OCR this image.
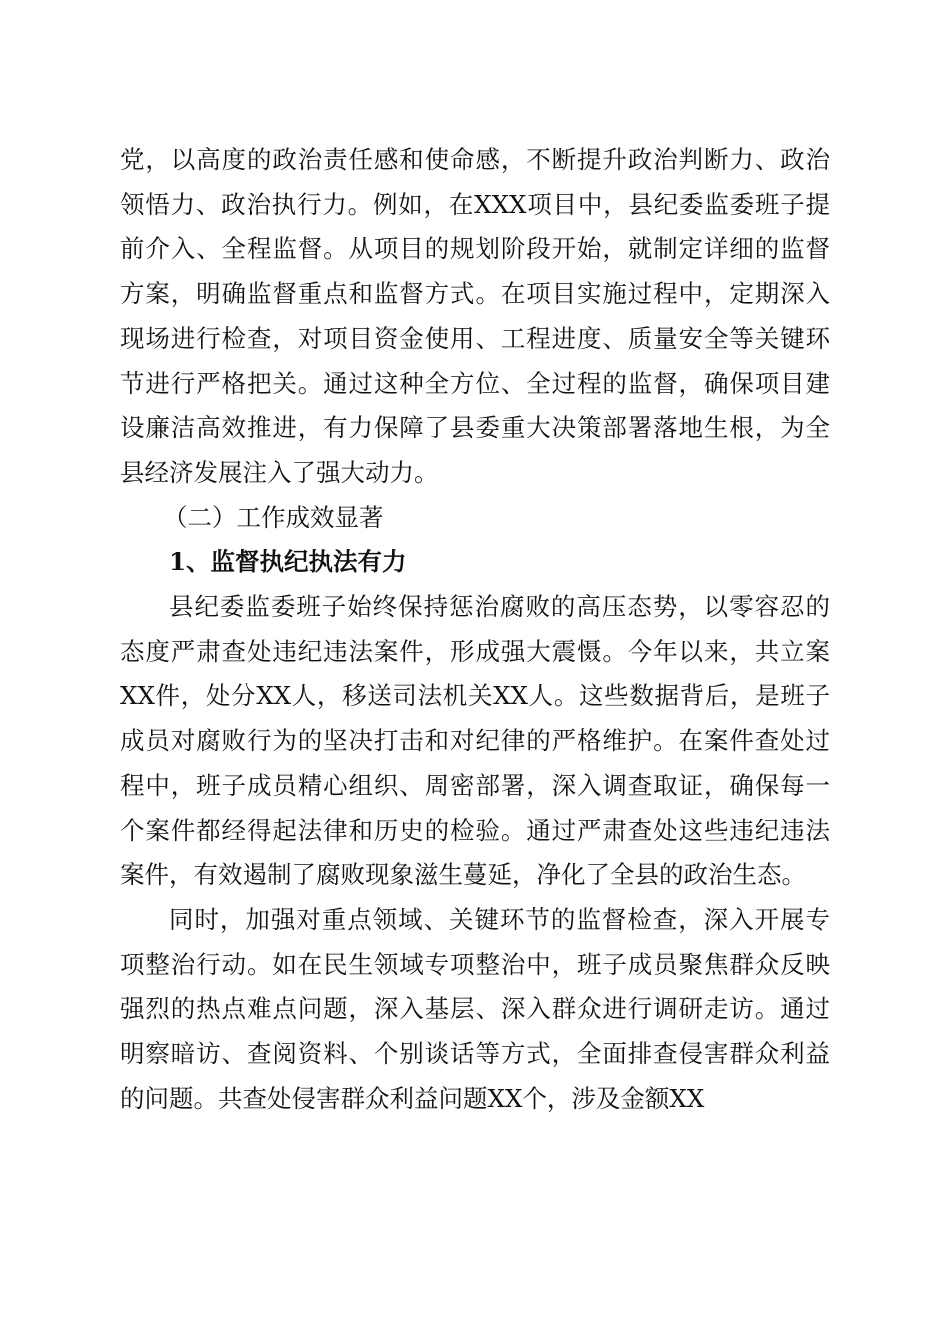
党，以高度的政治责任感和使命感，不断提升政治判断力、政治领悟力、政治执行力。例如，在XXX项目中，县纪委监委班子提前介入、全程监督。从项目的规划阶段开始，就制定详细的监督方案，明确监督重点和监督方式。在项目实施过程中，定期深入现场进行检查，对项目资金使用、工程进度、质量安全等关键环节进行严格把关。通过这种全方位、全过程的监督，确保项目建设廉洁高效推进，有力保障了县委重大决策部署落地生根，为全县经济发展注入了强大动力。

（二）工作成效显著

1、监督执纪执法有力

县纪委监委班子始终保持惩治腐败的高压态势，以零容忍的态度严肃查处违纪违法案件，形成强大震慑。今年以来，共立案XX件，处分XX人，移送司法机关XX人。这些数据背后，是班子成员对腐败行为的坚决打击和对纪律的严格维护。在案件查处过程中，班子成员精心组织、周密部署，深入调查取证，确保每一个案件都经得起法律和历史的检验。通过严肃查处这些违纪违法案件，有效遏制了腐败现象滋生蔓延，净化了全县的政治生态。

同时，加强对重点领域、关键环节的监督检查，深入开展专项整治行动。如在民生领域专项整治中，班子成员聚焦群众反映强烈的热点难点问题，深入基层、深入群众进行调研走访。通过明察暗访、查阅资料、个别谈话等方式，全面排查侵害群众利益的问题。共查处侵害群众利益问题XX个，涉及金额XX
